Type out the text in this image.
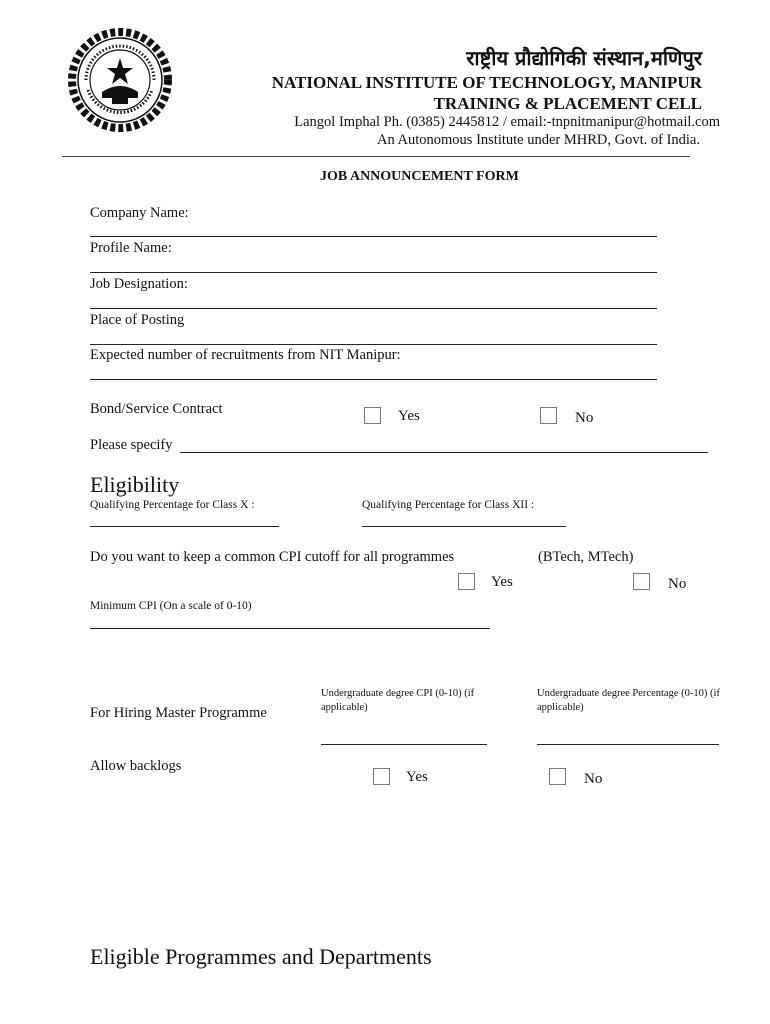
राष्ट्रीय प्रौद्योगिकी संस्थान,मणिपुर
NATIONAL INSTITUTE OF TECHNOLOGY, MANIPUR
TRAINING & PLACEMENT CELL
Langol Imphal Ph. (0385) 2445812 / email:-tnpnitmanipur@hotmail.com
An Autonomous Institute under MHRD, Govt. of India.
JOB ANNOUNCEMENT FORM
Company Name:
Profile Name:
Job Designation:
Place of Posting
Expected number of recruitments from NIT Manipur:
Bond/Service Contract	Yes	No
Please specify
Eligibility
Qualifying Percentage for Class X :	Qualifying Percentage for Class XII :
Do you want to keep a common CPI cutoff for all programmes	(BTech, MTech)
Yes	No
Minimum CPI (On a scale of 0-10)
For Hiring Master Programme
Undergraduate degree CPI (0-10) (if applicable)
Undergraduate degree Percentage (0-10) (if applicable)
Allow backlogs
Yes	No
Eligible Programmes and Departments
